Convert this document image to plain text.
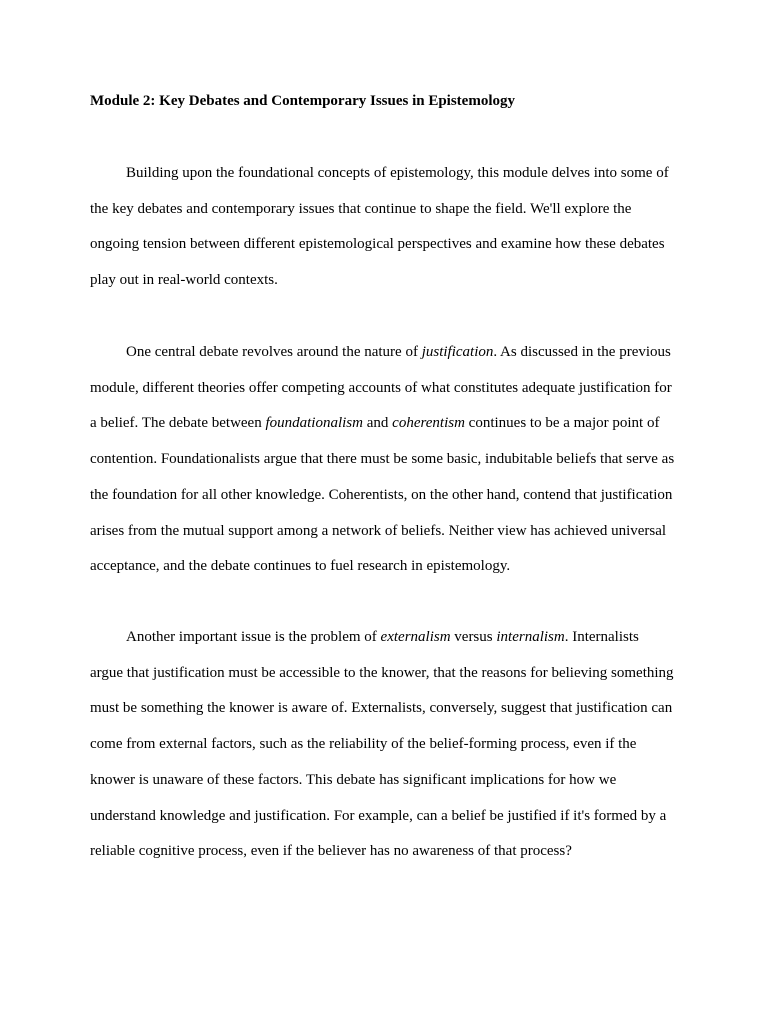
Module 2: Key Debates and Contemporary Issues in Epistemology
Building upon the foundational concepts of epistemology, this module delves into some of
the key debates and contemporary issues that continue to shape the field. We'll explore the
ongoing tension between different epistemological perspectives and examine how these debates
play out in real-world contexts.
One central debate revolves around the nature of justification. As discussed in the previous
module, different theories offer competing accounts of what constitutes adequate justification for
a belief. The debate between foundationalism and coherentism continues to be a major point of
contention. Foundationalists argue that there must be some basic, indubitable beliefs that serve as
the foundation for all other knowledge. Coherentists, on the other hand, contend that justification
arises from the mutual support among a network of beliefs. Neither view has achieved universal
acceptance, and the debate continues to fuel research in epistemology.
Another important issue is the problem of externalism versus internalism. Internalists
argue that justification must be accessible to the knower, that the reasons for believing something
must be something the knower is aware of. Externalists, conversely, suggest that justification can
come from external factors, such as the reliability of the belief-forming process, even if the
knower is unaware of these factors. This debate has significant implications for how we
understand knowledge and justification. For example, can a belief be justified if it's formed by a
reliable cognitive process, even if the believer has no awareness of that process?
